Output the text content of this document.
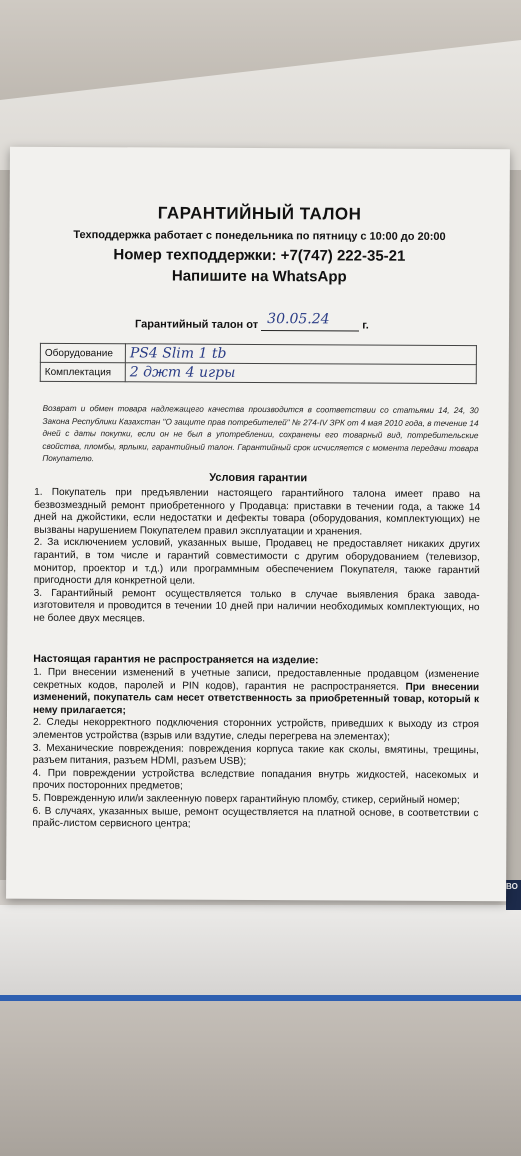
ВО
ГАРАНТИЙНЫЙ ТАЛОН
Техподдержка работает с понедельника по пятницу с 10:00 до 20:00
Номер техподдержки: +7(747) 222-35-21
Напишите на WhatsApp
Гарантийный талон от 30.05.24	г.
Оборудование	PS4 Slim 1 tb
Комплектация	2 джт 4 игры
Возврат и обмен товара надлежащего качества производится в соответствии со статьями 14, 24, 30 Закона Республики Казахстан "О защите прав потребителей" № 274-IV ЗРК от 4 мая 2010 года, в течение 14 дней с даты покупки, если он не был в употреблении, сохранены его товарный вид, потребительские свойства, пломбы, ярлыки, гарантийный талон. Гарантийный срок исчисляется с момента передачи товара Покупателю.
Условия гарантии

1. Покупатель при предъявлении настоящего гарантийного талона имеет право на безвозмездный ремонт приобретенного у Продавца: приставки в течении года, а также 14 дней на джойстики, если недостатки и дефекты товара (оборудования, комплектующих) не вызваны нарушением Покупателем правил эксплуатации и хранения.

2. За исключением условий, указанных выше, Продавец не предоставляет никаких других гарантий, в том числе и гарантий совместимости с другим оборудованием (телевизор, монитор, проектор и т.д.) или программным обеспечением Покупателя, также гарантий пригодности для конкретной цели.

3. Гарантийный ремонт осуществляется только в случае выявления брака завода-изготовителя и проводится в течении 10 дней при наличии необходимых комплектующих, но не более двух месяцев.

Настоящая гарантия не распространяется на изделие:

1. При внесении изменений в учетные записи, предоставленные продавцом (изменение секретных кодов, паролей и PIN кодов), гарантия не распространяется. При внесении изменений, покупатель сам несет ответственность за приобретенный товар, который к нему прилагается;

2. Следы некорректного подключения сторонних устройств, приведших к выходу из строя элементов устройства (взрыв или вздутие, следы перегрева на элементах);

3. Механические повреждения: повреждения корпуса такие как сколы, вмятины, трещины, разъем питания, разъем HDMI, разъем USB);

4. При повреждении устройства вследствие попадания внутрь жидкостей, насекомых и прочих посторонних предметов;

5. Поврежденную или/и заклеенную поверх гарантийную пломбу, стикер, серийный номер;

6. В случаях, указанных выше, ремонт осуществляется на платной основе, в соответствии с прайс-листом сервисного центра;
